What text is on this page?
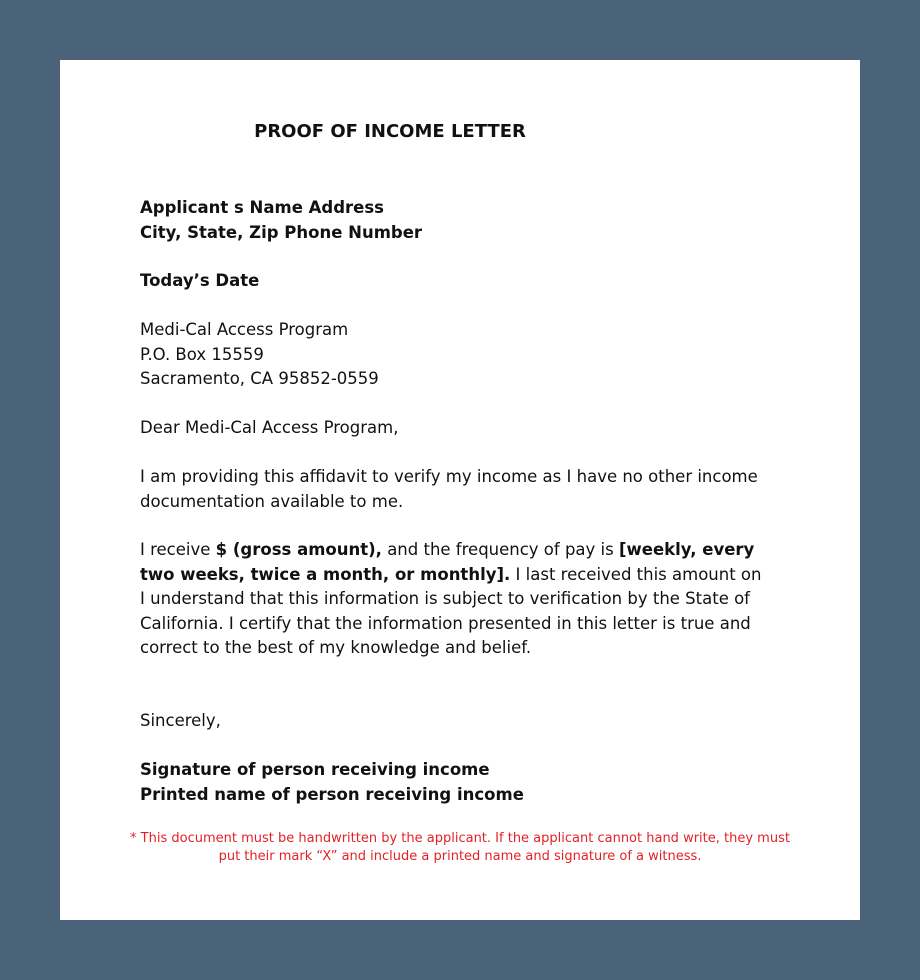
PROOF OF INCOME LETTER
Applicant s Name Address
City, State, Zip Phone Number
Today’s Date
Medi-Cal Access Program
P.O. Box 15559
Sacramento, CA 95852-0559
Dear Medi-Cal Access Program,
I am providing this affidavit to verify my income as I have no other income documentation available to me.
I receive $ (gross amount), and the frequency of pay is [weekly, every two weeks, twice a month, or monthly]. I last received this amount on
I understand that this information is subject to verification by the State of California. I certify that the information presented in this letter is true and correct to the best of my knowledge and belief.
Sincerely,
Signature of person receiving income
Printed name of person receiving income
* This document must be handwritten by the applicant. If the applicant cannot hand write, they must
put their mark “X” and include a printed name and signature of a witness.
